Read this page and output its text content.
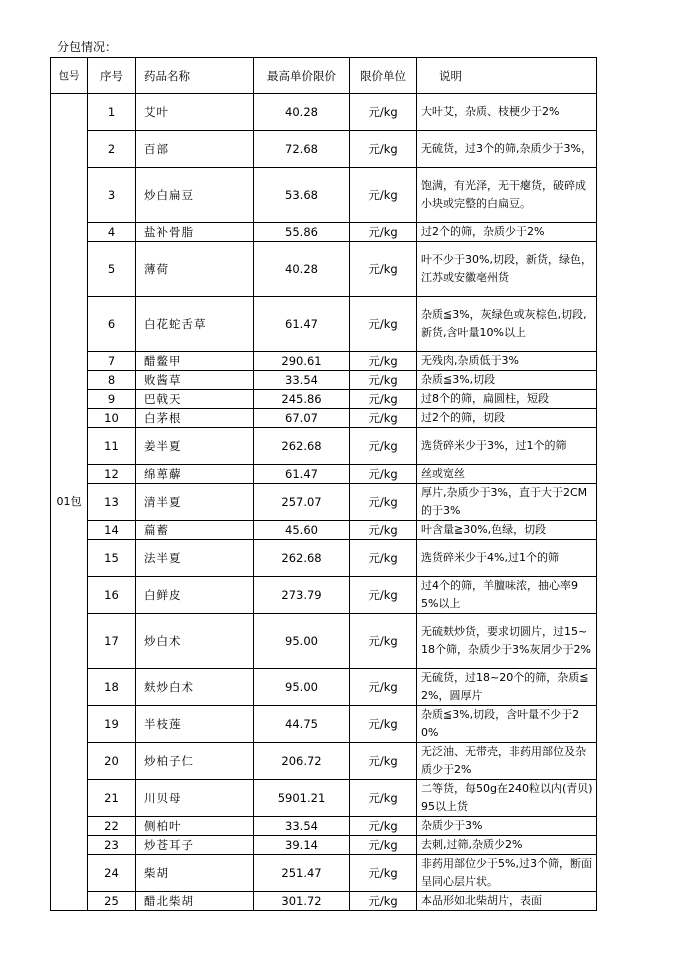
分包情况：
包号	序号	药品名称	最高单价限价	限价单位	说明
01包	1	艾叶	40.28	元/kg	大叶艾，杂质、枝梗少于2%
	2	百部	72.68	元/kg	无硫货，过3个的筛,杂质少于3%，
	3	炒白扁豆	53.68	元/kg	饱满，有光泽，无干瘪货，破碎成小块或完整的白扁豆。
	4	盐补骨脂	55.86	元/kg	过2个的筛，杂质少于2%
	5	薄荷	40.28	元/kg	叶不少于30%,切段，新货，绿色，江苏或安徽亳州货
	6	白花蛇舌草	61.47	元/kg	杂质≦3%，灰绿色或灰棕色,切段,新货,含叶量10%以上
	7	醋鳖甲	290.61	元/kg	无残肉,杂质低于3%
	8	败酱草	33.54	元/kg	杂质≦3%,切段
	9	巴戟天	245.86	元/kg	过8个的筛，扁圆柱，短段
	10	白茅根	67.07	元/kg	过2个的筛，切段
	11	姜半夏	262.68	元/kg	选货碎米少于3%，过1个的筛
	12	绵萆薢	61.47	元/kg	丝或宽丝
	13	清半夏	257.07	元/kg	厚片,杂质少于3%，直于大于2CM的于3%
	14	萹蓄	45.60	元/kg	叶含量≧30%,色绿，切段
	15	法半夏	262.68	元/kg	选货碎米少于4%,过1个的筛
	16	白鲜皮	273.79	元/kg	过4个的筛，羊膻味浓，抽心率95%以上
	17	炒白术	95.00	元/kg	无硫麸炒货，要求切圆片，过15~18个筛，杂质少于3%灰屑少于2%
	18	麸炒白术	95.00	元/kg	无硫货，过18~20个的筛，杂质≦2%，圆厚片
	19	半枝莲	44.75	元/kg	杂质≦3%,切段，含叶量不少于20%
	20	炒柏子仁	206.72	元/kg	无泛油、无带壳，非药用部位及杂质少于2%
	21	川贝母	5901.21	元/kg	二等货，每50g在240粒以内(青贝)95以上货
	22	侧柏叶	33.54	元/kg	杂质少于3%
	23	炒苍耳子	39.14	元/kg	去刺,过筛,杂质少2%
	24	柴胡	251.47	元/kg	非药用部位少于5%,过3个筛，断面呈同心层片状。
	25	醋北柴胡	301.72	元/kg	本品形如北柴胡片，表面
